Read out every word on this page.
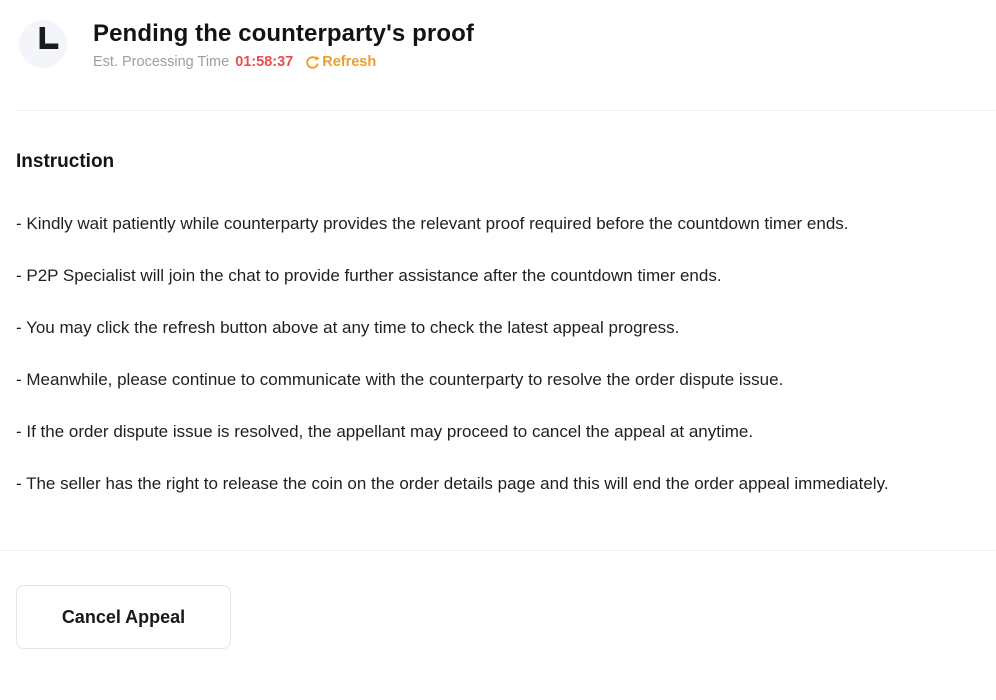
Pending the counterparty's proof
Est. Processing Time 01:58:37 Refresh
Instruction

- Kindly wait patiently while counterparty provides the relevant proof required before the countdown timer ends.

- P2P Specialist will join the chat to provide further assistance after the countdown timer ends.

- You may click the refresh button above at any time to check the latest appeal progress.

- Meanwhile, please continue to communicate with the counterparty to resolve the order dispute issue.

- If the order dispute issue is resolved, the appellant may proceed to cancel the appeal at anytime.

- The seller has the right to release the coin on the order details page and this will end the order appeal immediately.

Cancel Appeal
